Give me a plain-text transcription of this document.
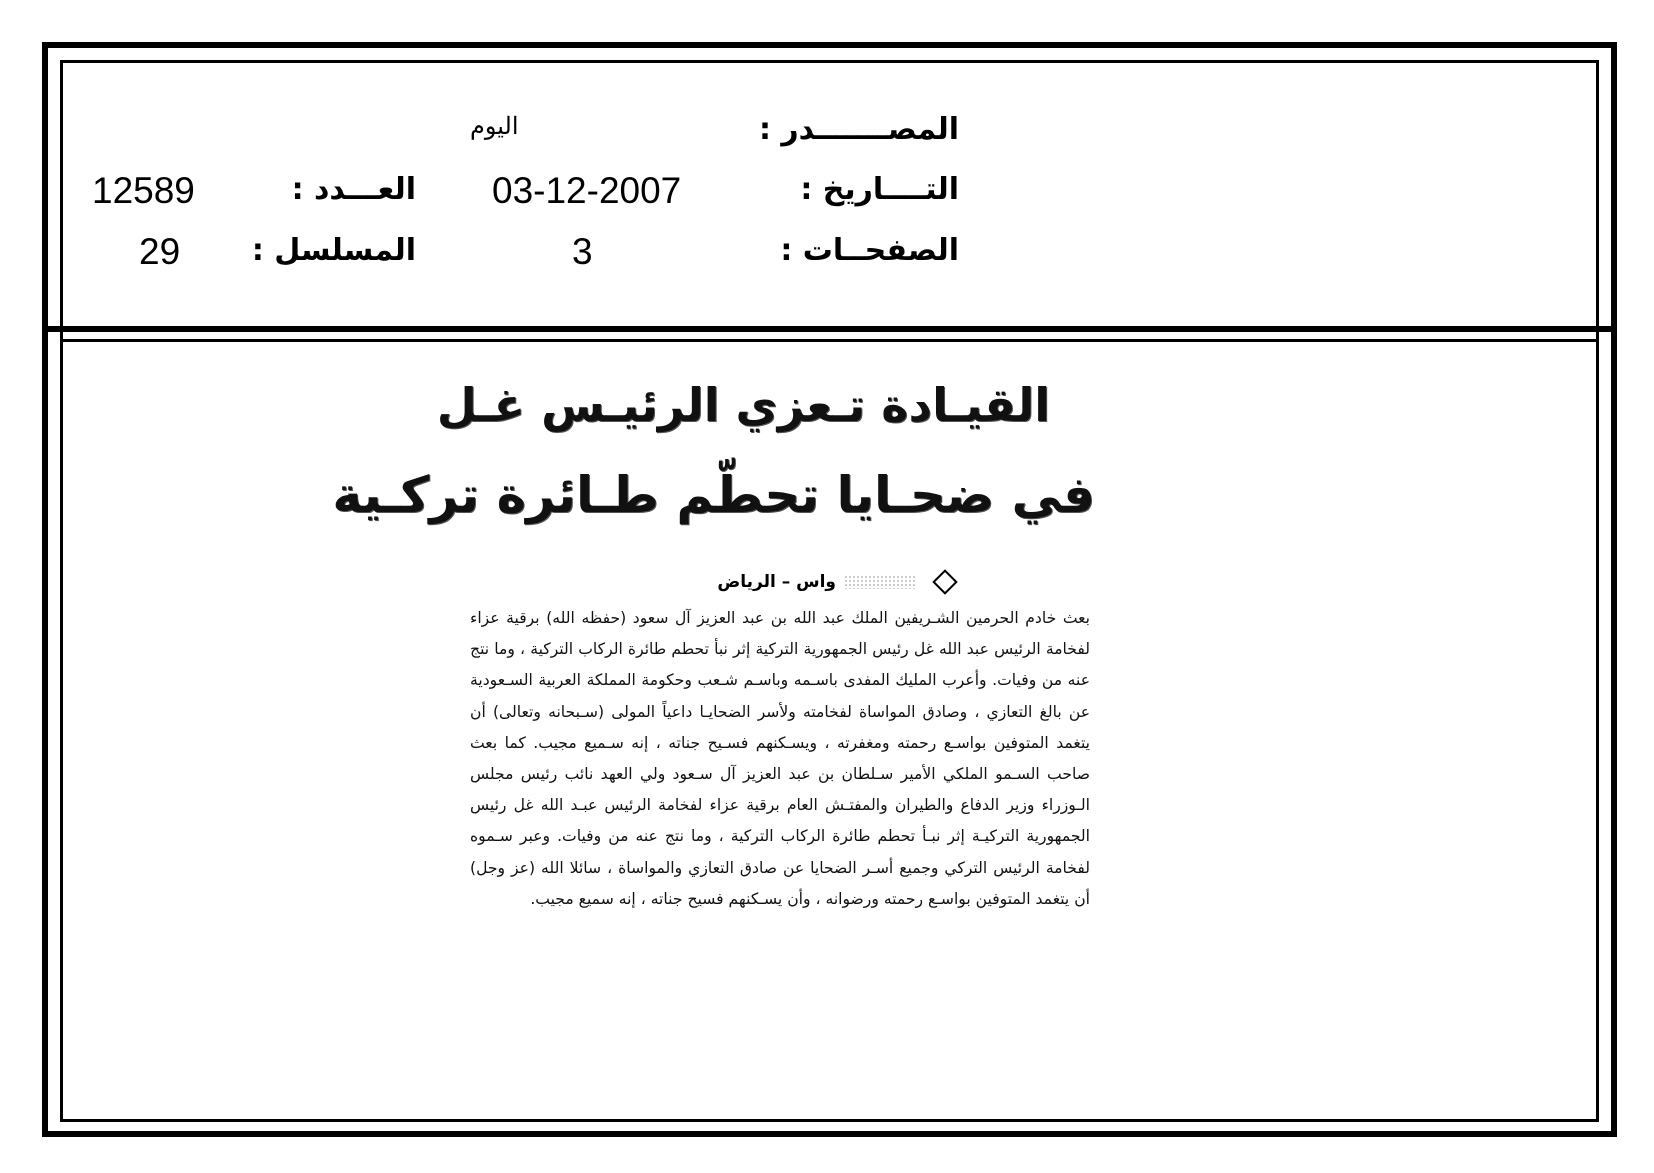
المصـــــــدر :
اليوم
التــــاريخ :
03-12-2007
الصفحــات :
3
العـــدد :
12589
المسلسل :
29
القيـادة تـعزي الرئيـس غـل
في ضحـايا تحطّم طـائرة تركـية
واس – الرياض

بعث خادم الحرمين الشـريفين الملك عبد الله بن عبد العزيز آل سعود (حفظه الله) برقية عزاء لفخامة الرئيس عبد الله غل رئيس الجمهورية التركية إثر نبأ تحطم طائرة الركاب التركية ، وما نتج عنه من وفيات. وأعرب المليك المفدى باسـمه وباسـم شـعب وحكومة المملكة العربية السـعودية عن بالغ التعازي ، وصادق المواساة لفخامته ولأسر الضحايـا داعياً المولى (سـبحانه وتعالى) أن يتغمد المتوفين بواسـع رحمته ومغفرته ، ويسـكنهم فسـيح جناته ، إنه سـميع مجيب. كما بعث صاحب السـمو الملكي الأمير سـلطان بن عبد العزيز آل سـعود ولي العهد نائب رئيس مجلس الـوزراء وزير الدفاع والطيران والمفتـش العام برقية عزاء لفخامة الرئيس عبـد الله غل رئيس الجمهورية التركيـة إثر نبـأ تحطم طائرة الركاب التركية ، وما نتج عنه من وفيات. وعبر سـموه لفخامة الرئيس التركي وجميع أسـر الضحايا عن صادق التعازي والمواساة ، سائلا الله (عز وجل) أن يتغمد المتوفين بواسـع رحمته ورضوانه ، وأن يسـكنهم فسيح جناته ، إنه سميع مجيب.
